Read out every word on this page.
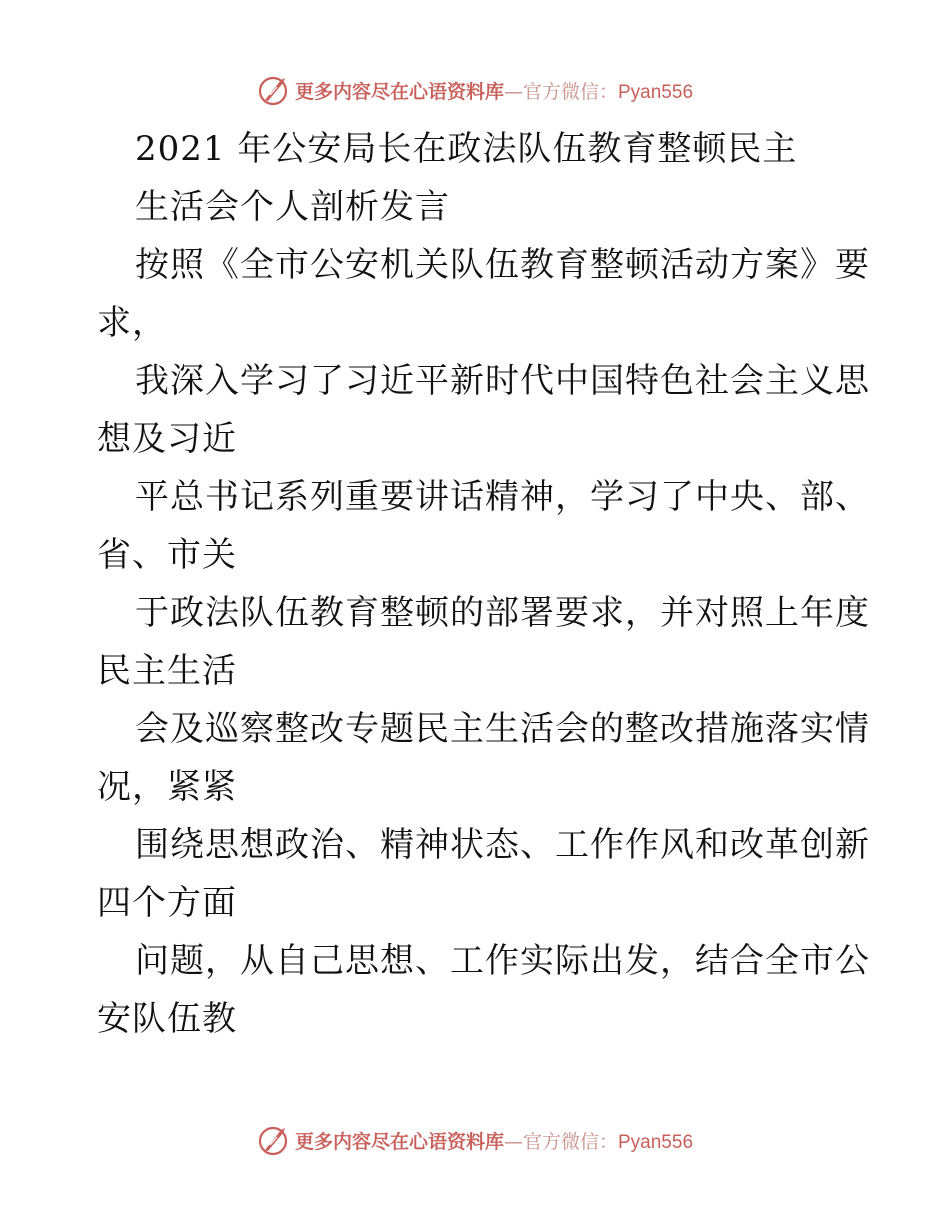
更多内容尽在心语资料库—官方微信：Pyan556
2021 年公安局长在政法队伍教育整顿民主
生活会个人剖析发言
按照《全市公安机关队伍教育整顿活动方案》要
求，
我深入学习了习近平新时代中国特色社会主义思
想及习近
平总书记系列重要讲话精神，学习了中央、部、
省、市关
于政法队伍教育整顿的部署要求，并对照上年度
民主生活
会及巡察整改专题民主生活会的整改措施落实情
况，紧紧
围绕思想政治、精神状态、工作作风和改革创新
四个方面
问题，从自己思想、工作实际出发，结合全市公
安队伍教
更多内容尽在心语资料库—官方微信：Pyan556
